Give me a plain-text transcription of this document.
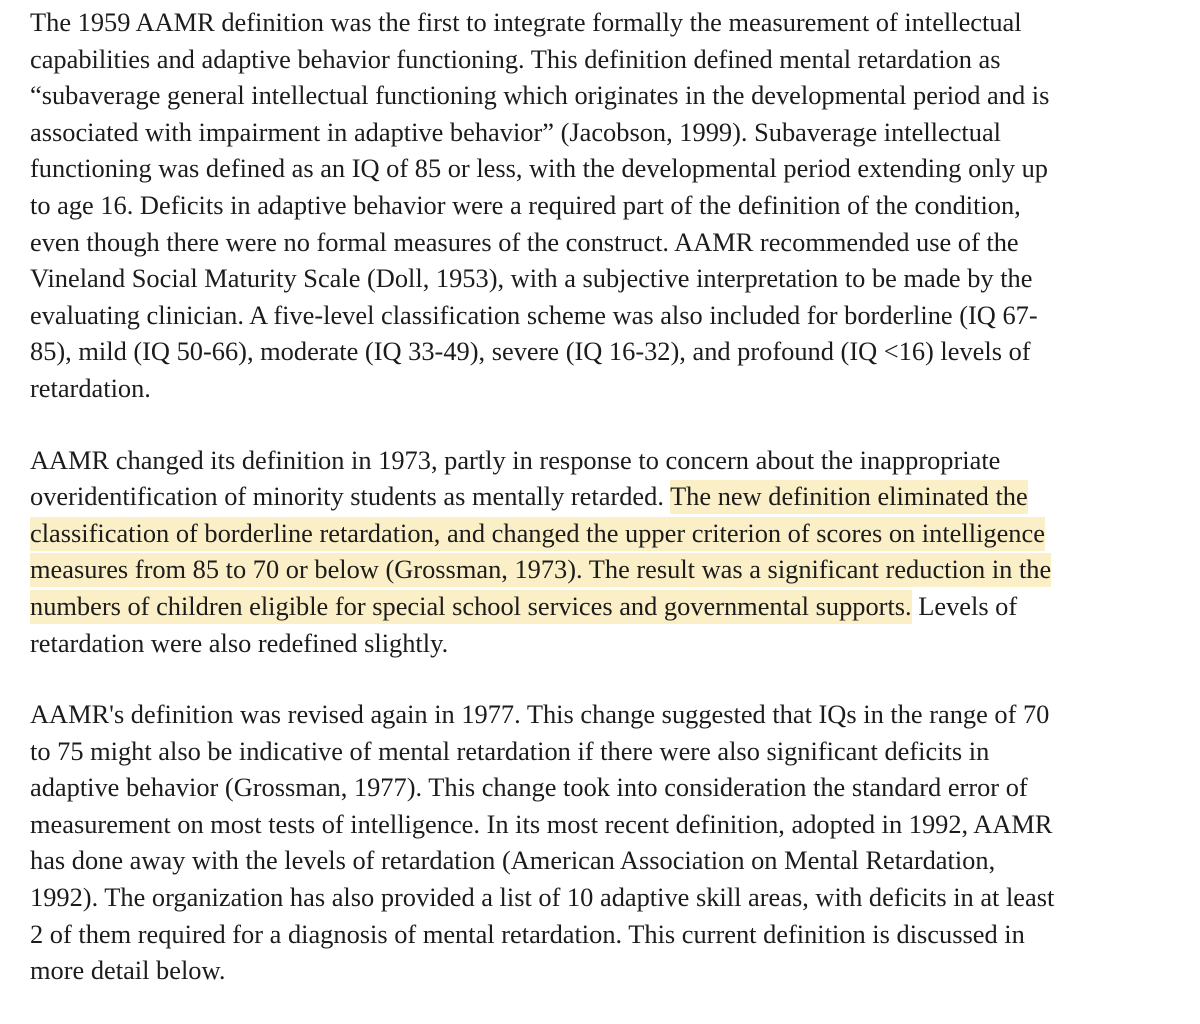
The 1959 AAMR definition was the first to integrate formally the measurement of intellectual
capabilities and adaptive behavior functioning. This definition defined mental retardation as
“subaverage general intellectual functioning which originates in the developmental period and is
associated with impairment in adaptive behavior” (Jacobson, 1999). Subaverage intellectual
functioning was defined as an IQ of 85 or less, with the developmental period extending only up
to age 16. Deficits in adaptive behavior were a required part of the definition of the condition,
even though there were no formal measures of the construct. AAMR recommended use of the
Vineland Social Maturity Scale (Doll, 1953), with a subjective interpretation to be made by the
evaluating clinician. A five-level classification scheme was also included for borderline (IQ 67-
85), mild (IQ 50-66), moderate (IQ 33-49), severe (IQ 16-32), and profound (IQ <16) levels of
retardation.

AAMR changed its definition in 1973, partly in response to concern about the inappropriate
overidentification of minority students as mentally retarded. The new definition eliminated the
classification of borderline retardation, and changed the upper criterion of scores on intelligence
measures from 85 to 70 or below (Grossman, 1973). The result was a significant reduction in the
numbers of children eligible for special school services and governmental supports. Levels of
retardation were also redefined slightly.

AAMR's definition was revised again in 1977. This change suggested that IQs in the range of 70
to 75 might also be indicative of mental retardation if there were also significant deficits in
adaptive behavior (Grossman, 1977). This change took into consideration the standard error of
measurement on most tests of intelligence. In its most recent definition, adopted in 1992, AAMR
has done away with the levels of retardation (American Association on Mental Retardation,
1992). The organization has also provided a list of 10 adaptive skill areas, with deficits in at least
2 of them required for a diagnosis of mental retardation. This current definition is discussed in
more detail below.
